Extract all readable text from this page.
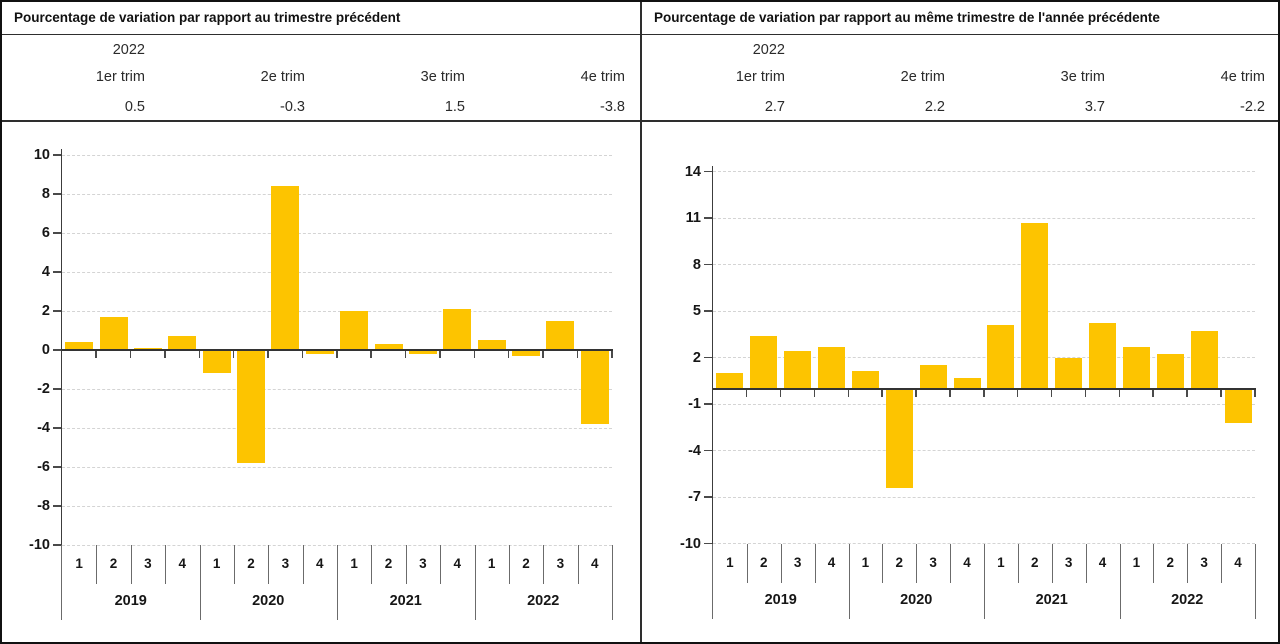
Pourcentage de variation par rapport au trimestre précédent
2022
1er trim	2e trim	3e trim	4e trim
0.5	-0.3	1.5	-3.8
10
8
6
4
2
0
-2
-4
-6
-8
-10
1	2	3	4	1	2	3	4	1	2	3	4	1	2	3	4
2019	2020	2021	2022
Pourcentage de variation par rapport au même trimestre de l'année précédente
2022
1er trim	2e trim	3e trim	4e trim
2.7	2.2	3.7	-2.2
14
11
8
5
2
-1
-4
-7
-10
1	2	3	4	1	2	3	4	1	2	3	4	1	2	3	4
2019	2020	2021	2022
